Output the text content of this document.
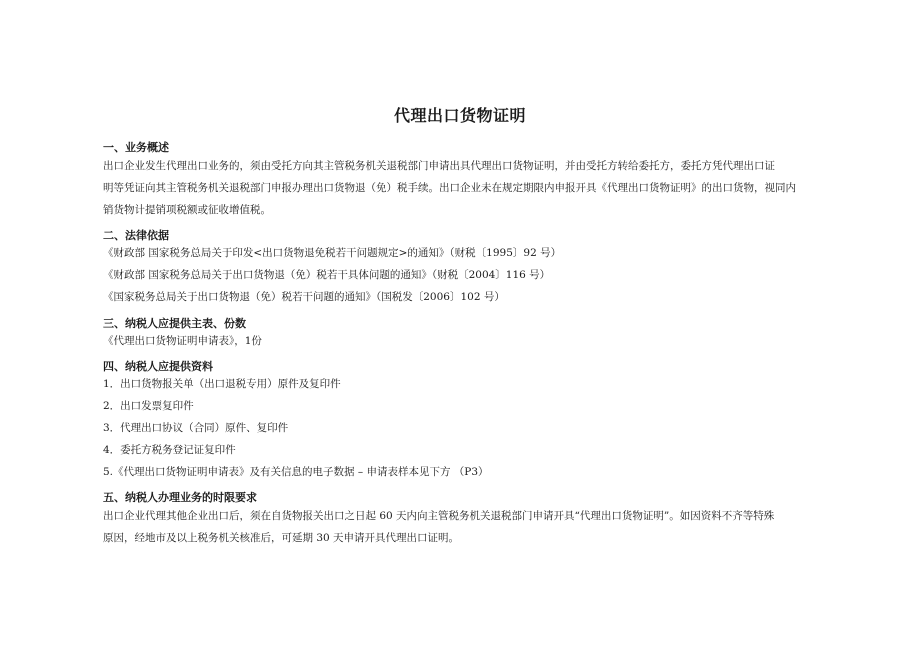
代理出口货物证明
一、业务概述
出口企业发生代理出口业务的，须由受托方向其主管税务机关退税部门申请出具代理出口货物证明，并由受托方转给委托方，委托方凭代理出口证
明等凭证向其主管税务机关退税部门申报办理出口货物退（免）税手续。出口企业未在规定期限内申报开具《代理出口货物证明》的出口货物，视同内
销货物计提销项税额或征收增值税。
二、法律依据
《财政部 国家税务总局关于印发<出口货物退免税若干问题规定>的通知》（财税〔1995〕92 号）
《财政部 国家税务总局关于出口货物退（免）税若干具体问题的通知》（财税〔2004〕116 号）
《国家税务总局关于出口货物退（免）税若干问题的通知》（国税发〔2006〕102 号）
三、纳税人应提供主表、份数
《代理出口货物证明申请表》，1份
四、纳税人应提供资料
1．出口货物报关单（出口退税专用）原件及复印件
2．出口发票复印件
3．代理出口协议（合同）原件、复印件
4．委托方税务登记证复印件
5.《代理出口货物证明申请表》及有关信息的电子数据 – 申请表样本见下方 （P3）
五、纳税人办理业务的时限要求
出口企业代理其他企业出口后，须在自货物报关出口之日起 60 天内向主管税务机关退税部门申请开具“代理出口货物证明”。如因资料不齐等特殊
原因，经地市及以上税务机关核准后，可延期 30 天申请开具代理出口证明。
